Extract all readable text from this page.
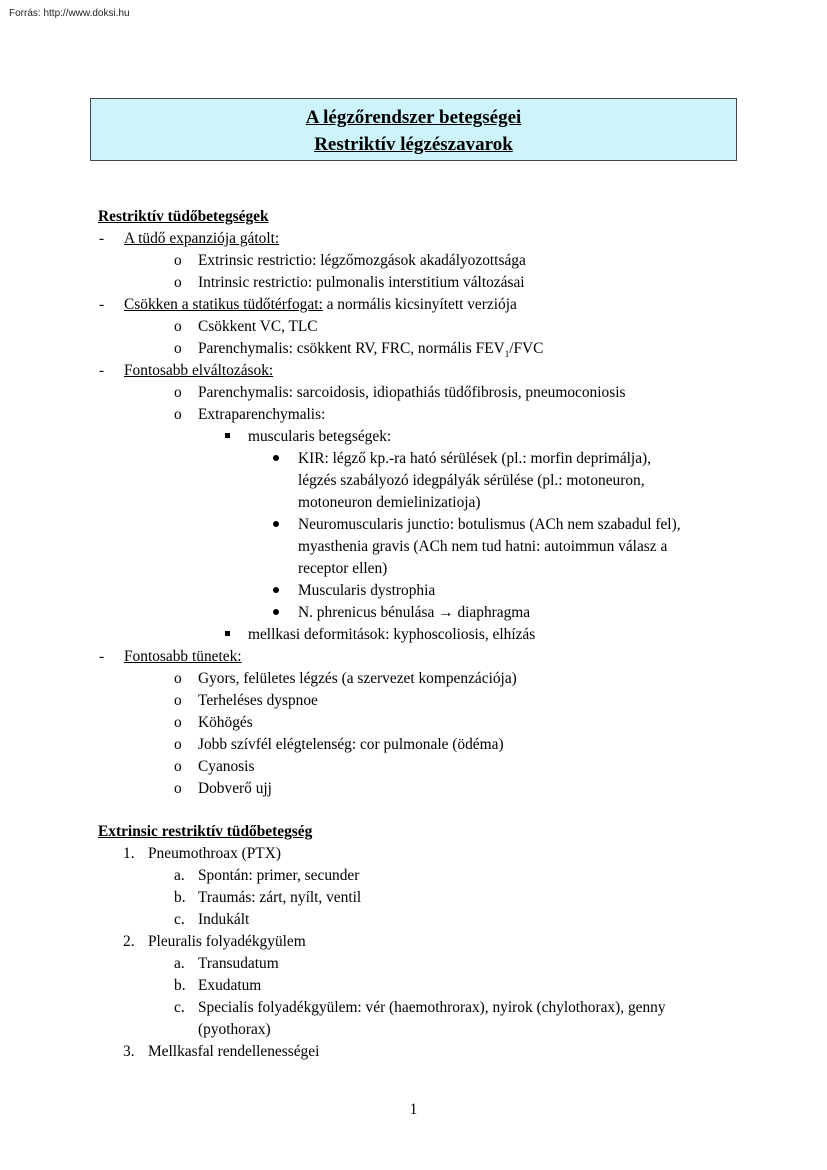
Forrás: http://www.doksi.hu
A légzőrendszer betegségei
Restriktív légzészavarok
Restriktív tüdőbetegségek
- A tüdő expanziója gátolt:
o Extrinsic restrictio: légzőmozgások akadályozottsága
o Intrinsic restrictio: pulmonalis interstitium változásai
- Csökken a statikus tüdőtérfogat: a normális kicsinyített verziója
o Csökkent VC, TLC
o Parenchymalis: csökkent RV, FRC, normális $FEV_1$/FVC
- Fontosabb elváltozások:
o Parenchymalis: sarcoidosis, idiopathiás tüdőfibrosis, pneumoconiosis
o Extraparenchymalis:
muscularis betegségek:
KIR: légző kp.-ra ható sérülések (pl.: morfin deprimálja),
légzés szabályozó idegpályák sérülése (pl.: motoneuron,
motoneuron demielinizatioja)
Neuromuscularis junctio: botulismus (ACh nem szabadul fel),
myasthenia gravis (ACh nem tud hatni: autoimmun válasz a
receptor ellen)
Muscularis dystrophia
N. phrenicus bénulása → diaphragma
mellkasi deformitások: kyphoscoliosis, elhízás
- Fontosabb tünetek:
o Gyors, felületes légzés (a szervezet kompenzációja)
o Terheléses dyspnoe
o Köhögés
o Jobb szívfél elégtelenség: cor pulmonale (ödéma)
o Cyanosis
o Dobverő ujj
Extrinsic restriktív tüdőbetegség
1. Pneumothroax (PTX)
a. Spontán: primer, secunder
b. Traumás: zárt, nyílt, ventil
c. Indukált
2. Pleuralis folyadékgyülem
a. Transudatum
b. Exudatum
c. Specialis folyadékgyülem: vér (haemothrorax), nyirok (chylothorax), genny
(pyothorax)
3. Mellkasfal rendellenességei
1
